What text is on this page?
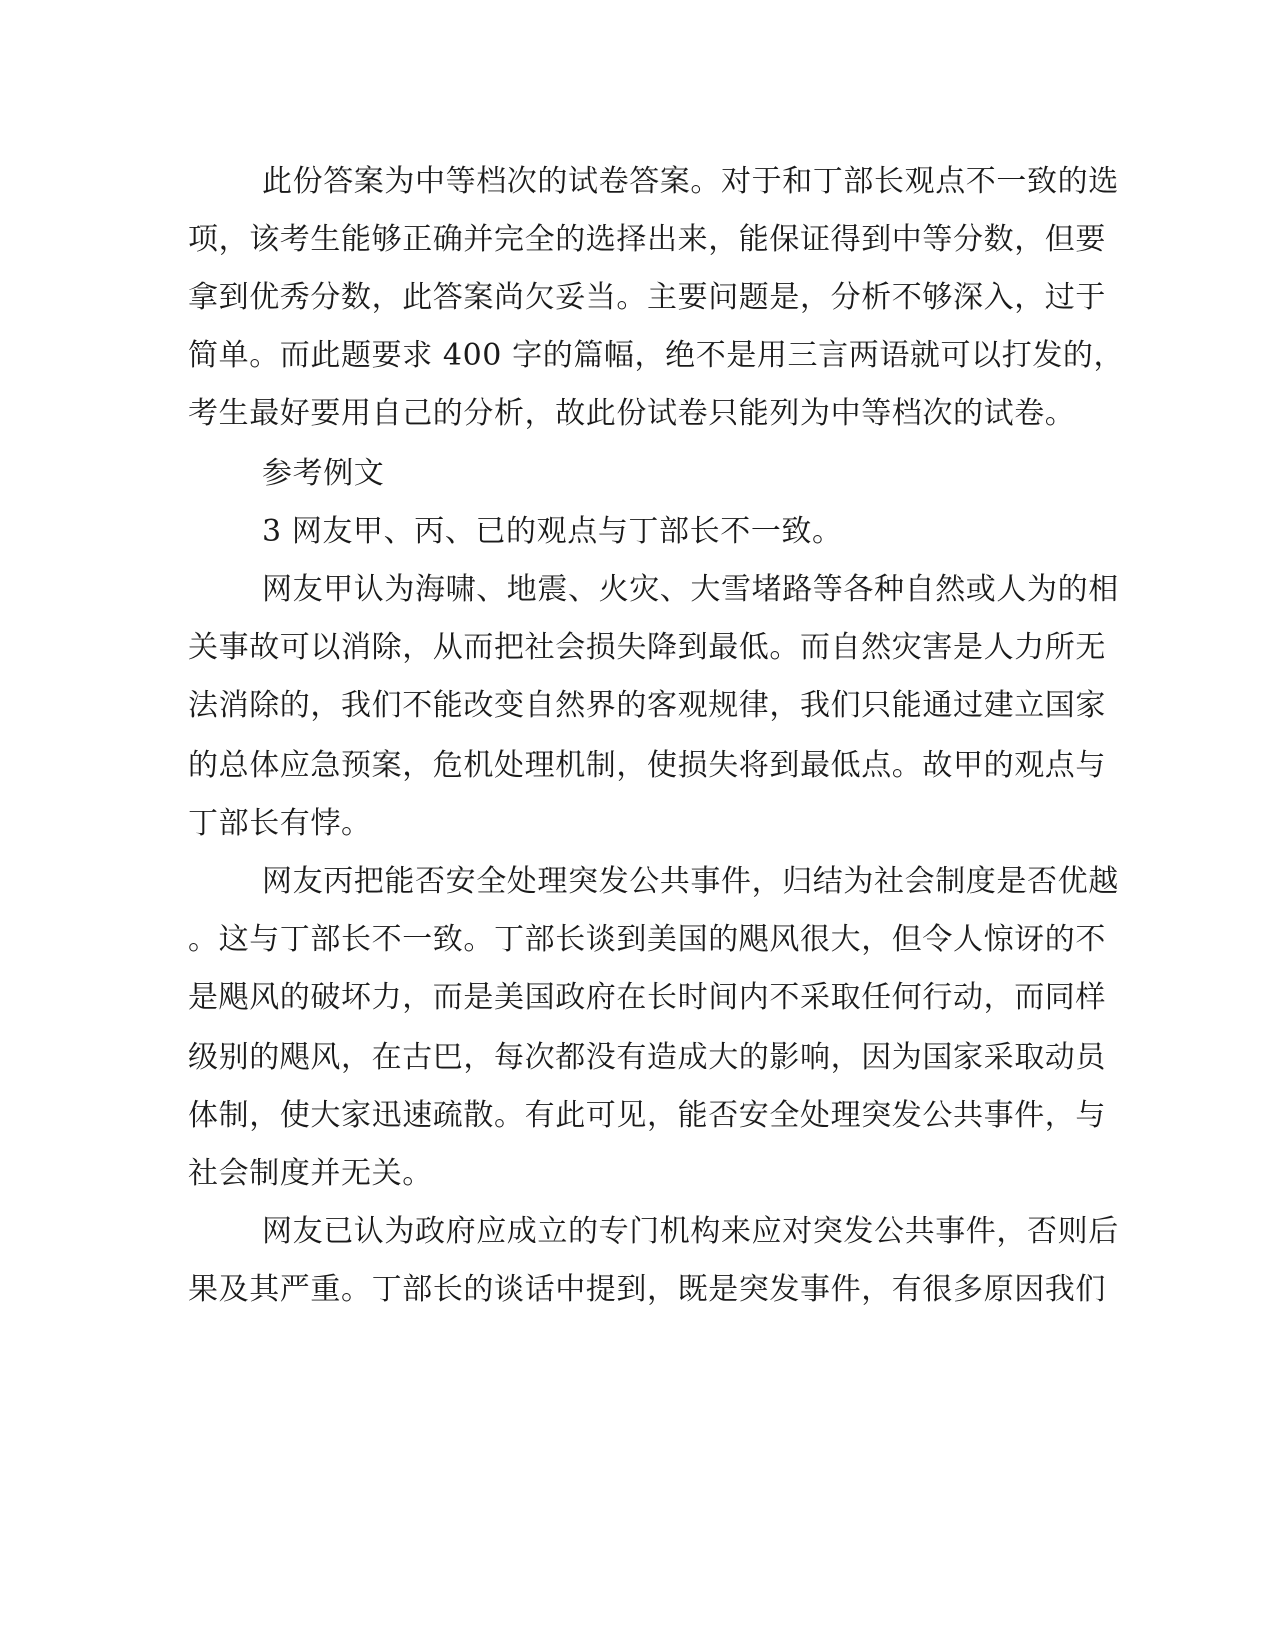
此份答案为中等档次的试卷答案。对于和丁部长观点不一致的选
项，该考生能够正确并完全的选择出来，能保证得到中等分数，但要
拿到优秀分数，此答案尚欠妥当。主要问题是，分析不够深入，过于
简单。而此题要求 400 字的篇幅，绝不是用三言两语就可以打发的，
考生最好要用自己的分析，故此份试卷只能列为中等档次的试卷。
参考例文
3 网友甲、丙、已的观点与丁部长不一致。
网友甲认为海啸、地震、火灾、大雪堵路等各种自然或人为的相
关事故可以消除，从而把社会损失降到最低。而自然灾害是人力所无
法消除的，我们不能改变自然界的客观规律，我们只能通过建立国家
的总体应急预案，危机处理机制，使损失将到最低点。故甲的观点与
丁部长有悖。
网友丙把能否安全处理突发公共事件，归结为社会制度是否优越
。这与丁部长不一致。丁部长谈到美国的飓风很大，但令人惊讶的不
是飓风的破坏力，而是美国政府在长时间内不采取任何行动，而同样
级别的飓风，在古巴，每次都没有造成大的影响，因为国家采取动员
体制，使大家迅速疏散。有此可见，能否安全处理突发公共事件，与
社会制度并无关。
网友已认为政府应成立的专门机构来应对突发公共事件，否则后
果及其严重。丁部长的谈话中提到，既是突发事件，有很多原因我们
